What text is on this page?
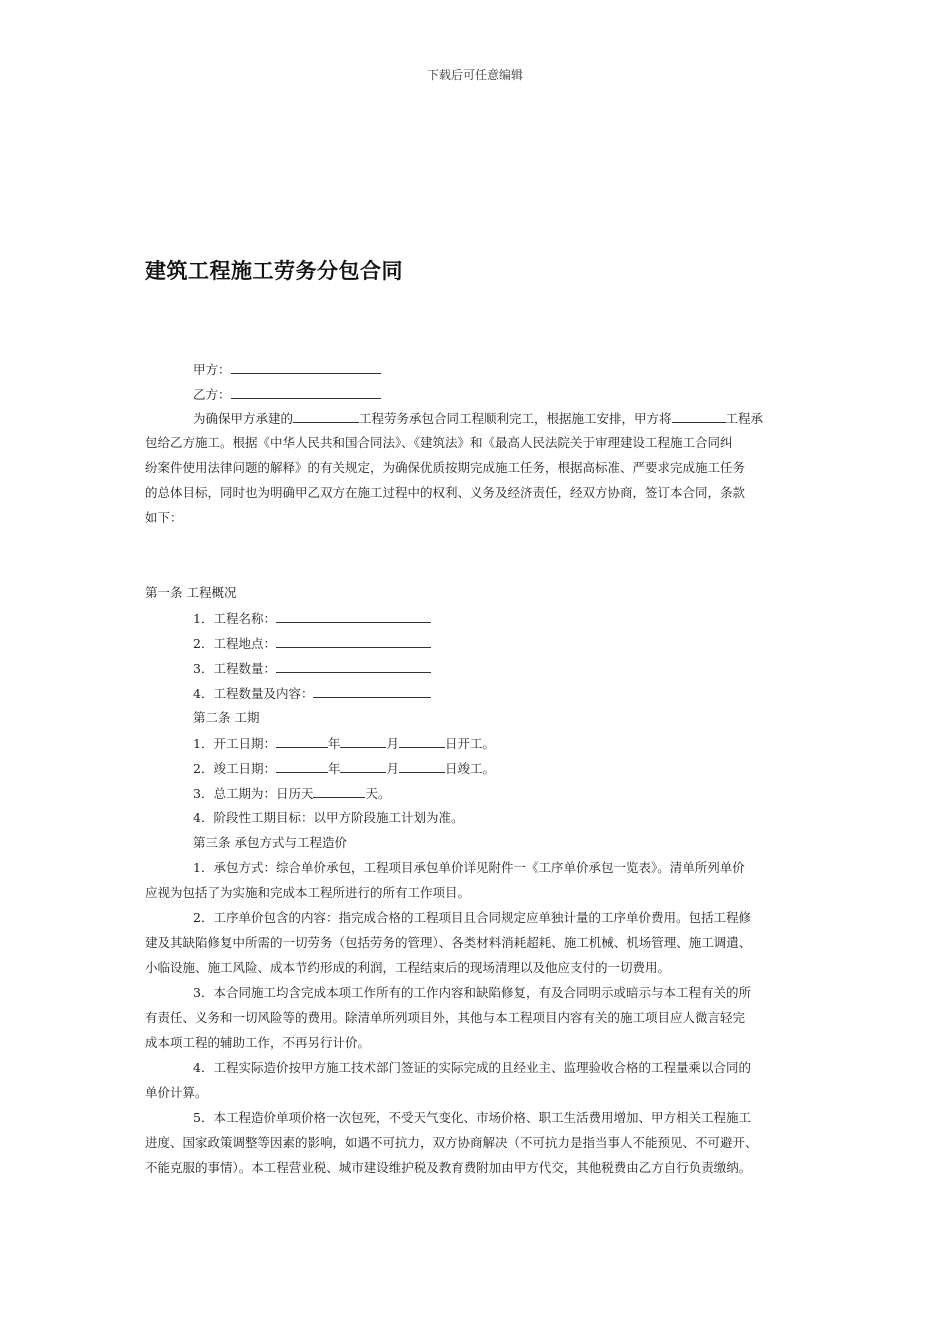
下载后可任意编辑
建筑工程施工劳务分包合同
甲方：
乙方：
为确保甲方承建的	工程劳务承包合同工程顺利完工，根据施工安排，甲方将	工程承
包给乙方施工。根据《中华人民共和国合同法》、《建筑法》和《最高人民法院关于审理建设工程施工合同纠
纷案件使用法律问题的解释》的有关规定，为确保优质按期完成施工任务，根据高标准、严要求完成施工任务
的总体目标，同时也为明确甲乙双方在施工过程中的权利、义务及经济责任，经双方协商，签订本合同，条款
如下：
第一条 工程概况
1．工程名称：
2．工程地点：
3．工程数量：
4．工程数量及内容：
第二条 工期
1．开工日期：	年	月	日开工。
2．竣工日期：	年	月	日竣工。
3．总工期为：日历天	天。
4．阶段性工期目标：以甲方阶段施工计划为准。
第三条 承包方式与工程造价
1．承包方式：综合单价承包，工程项目承包单价详见附件一《工序单价承包一览表》。清单所列单价
应视为包括了为实施和完成本工程所进行的所有工作项目。
2．工序单价包含的内容：指完成合格的工程项目且合同规定应单独计量的工序单价费用。包括工程修
建及其缺陷修复中所需的一切劳务（包括劳务的管理）、各类材料消耗超耗、施工机械、机场管理、施工调遣、
小临设施、施工风险、成本节约形成的利润，工程结束后的现场清理以及他应支付的一切费用。
3．本合同施工均含完成本项工作所有的工作内容和缺陷修复，有及合同明示或暗示与本工程有关的所
有责任、义务和一切风险等的费用。除清单所列项目外，其他与本工程项目内容有关的施工项目应人微言轻完
成本项工程的辅助工作，不再另行计价。
4．工程实际造价按甲方施工技术部门签证的实际完成的且经业主、监理验收合格的工程量乘以合同的
单价计算。
5．本工程造价单项价格一次包死，不受天气变化、市场价格、职工生活费用增加、甲方相关工程施工
进度、国家政策调整等因素的影响，如遇不可抗力，双方协商解决（不可抗力是指当事人不能预见、不可避开、
不能克服的事情）。本工程营业税、城市建设维护税及教育费附加由甲方代交，其他税费由乙方自行负责缴纳。
